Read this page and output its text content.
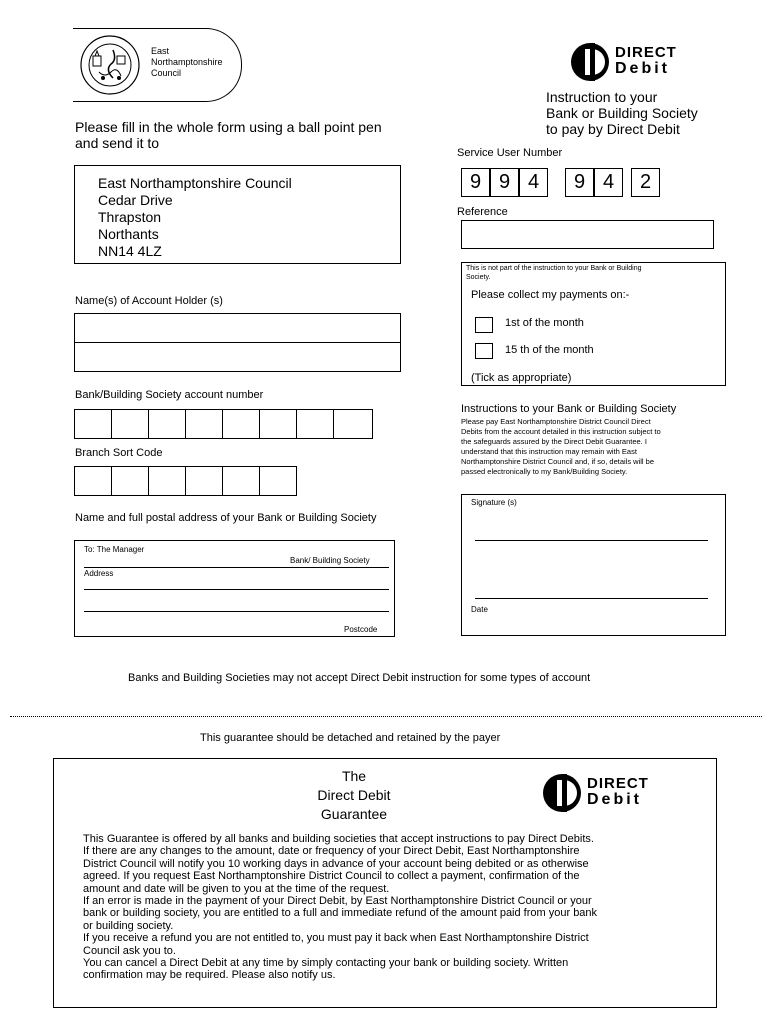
East
Northamptonshire
Council
DIRECT
Debit
Instruction to your
Bank or Building Society
to pay by Direct Debit
Please fill in the whole form using a ball point pen
and send it to
East Northamptonshire Council
Cedar Drive
Thrapston
Northants
NN14 4LZ
Service User Number
9 9 4	9 4	2
Reference
This is not part of the instruction to your Bank or Building
Society.
Please collect my payments on:-
1st of the month
15 th of the month
(Tick as appropriate)
Name(s) of Account Holder (s)
Bank/Building Society account number
Branch Sort Code
Instructions to your Bank or Building Society
Please pay East Northamptonshire District Council Direct
Debits from the account detailed in this instruction subject to
the safeguards assured by the Direct Debit Guarantee. I
understand that this instruction may remain with East
Northamptonshire District Council and, if so, details will be
passed electronically to my Bank/Building Society.
Name and full postal address of your Bank or Building Society
To: The Manager
Bank/ Building Society
Address
Postcode
Signature (s)
Date
Banks and Building Societies may not accept Direct Debit instruction for some types of account
This guarantee should be detached and retained by the payer
The
Direct Debit
Guarantee
DIRECT
Debit
This Guarantee is offered by all banks and building societies that accept instructions to pay Direct Debits.
If there are any changes to the amount, date or frequency of your Direct Debit, East Northamptonshire
District Council will notify you 10 working days in advance of your account being debited or as otherwise
agreed. If you request East Northamptonshire District Council to collect a payment, confirmation of the
amount and date will be given to you at the time of the request.
If an error is made in the payment of your Direct Debit, by East Northamptonshire District Council or your
bank or building society, you are entitled to a full and immediate refund of the amount paid from your bank
or building society.
If you receive a refund you are not entitled to, you must pay it back when East Northamptonshire District
Council ask you to.
You can cancel a Direct Debit at any time by simply contacting your bank or building society. Written
confirmation may be required. Please also notify us.
